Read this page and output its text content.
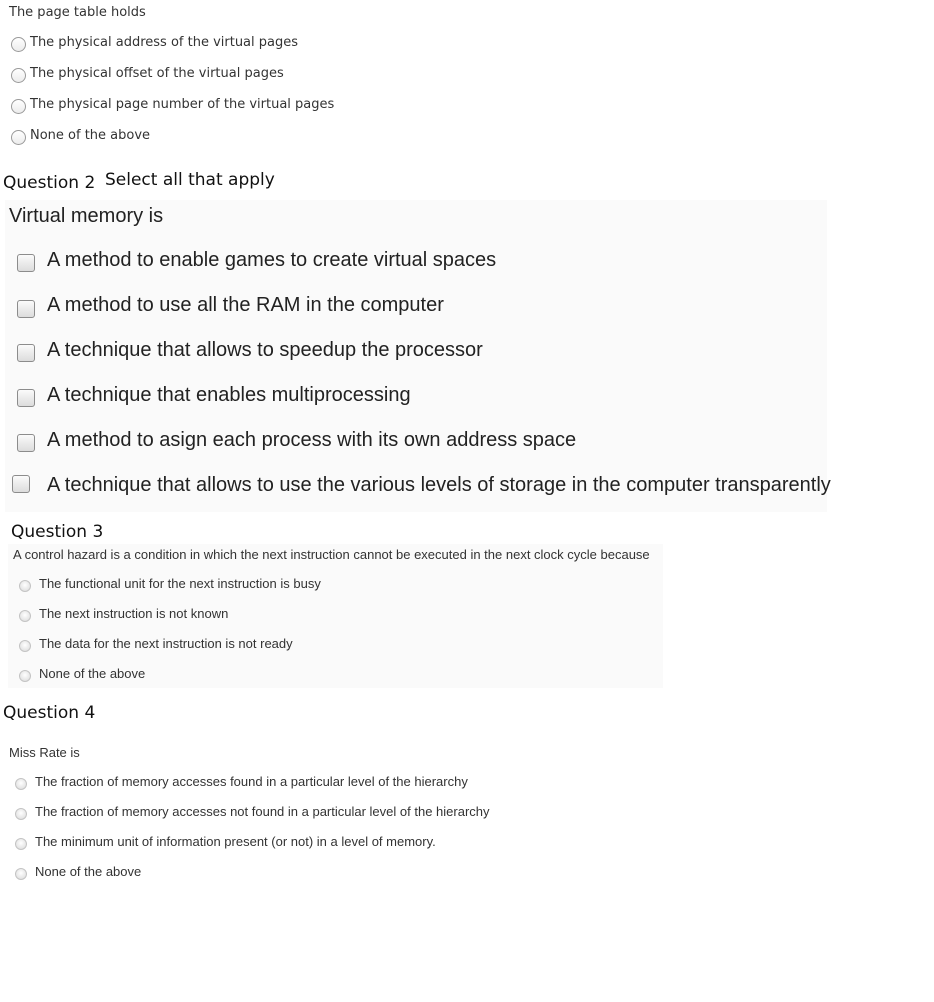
The page table holds
The physical address of the virtual pages
The physical offset of the virtual pages
The physical page number of the virtual pages
None of the above
Question 2 Select all that apply
Virtual memory is
A method to enable games to create virtual spaces
A method to use all the RAM in the computer
A technique that allows to speedup the processor
A technique that enables multiprocessing
A method to asign each process with its own address space
A technique that allows to use the various levels of storage in the computer transparently
Question 3
A control hazard is a condition in which the next instruction cannot be executed in the next clock cycle because
The functional unit for the next instruction is busy
The next instruction is not known
The data for the next instruction is not ready
None of the above
Question 4
Miss Rate is
The fraction of memory accesses found in a particular level of the hierarchy
The fraction of memory accesses not found in a particular level of the hierarchy
The minimum unit of information present (or not) in a level of memory.
None of the above
